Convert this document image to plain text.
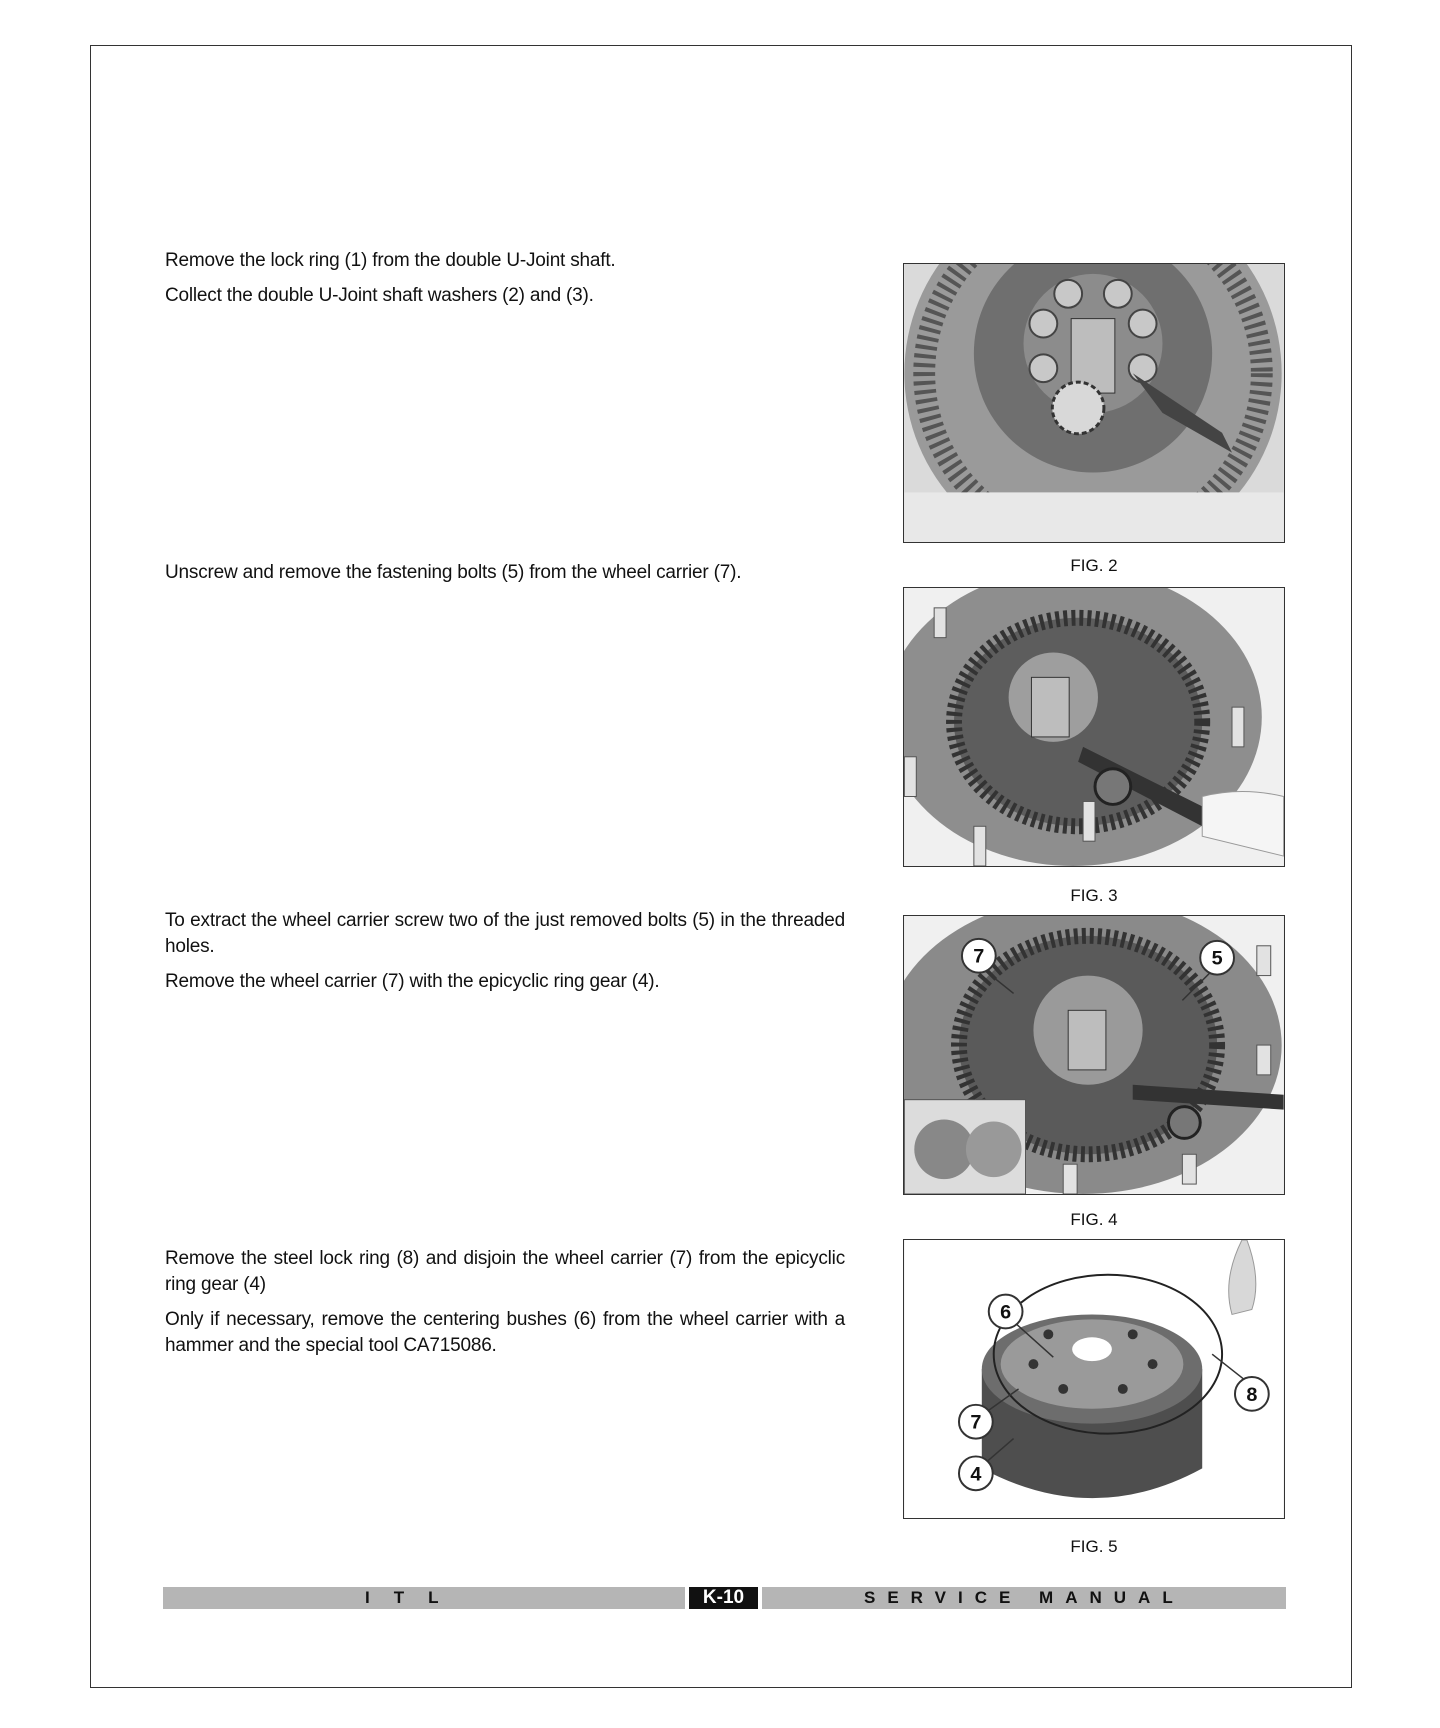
Remove the lock ring (1) from the double U-Joint shaft.

Collect the double U-Joint shaft washers (2) and (3).

FIG. 2

Unscrew and remove the fastening bolts (5) from the wheel carrier (7).

FIG. 3

To extract the wheel carrier screw two of the just removed bolts (5) in the threaded holes.

Remove the wheel carrier (7) with the epicyclic ring gear (4).

7	5
FIG. 4

Remove the steel lock ring (8) and disjoin the wheel carrier (7) from the epicyclic ring gear (4)

Only if necessary, remove the centering bushes (6) from the wheel carrier with a hammer and the special tool CA715086.

6
8
7
4
FIG. 5
ITL	K-10	SERVICE MANUAL
